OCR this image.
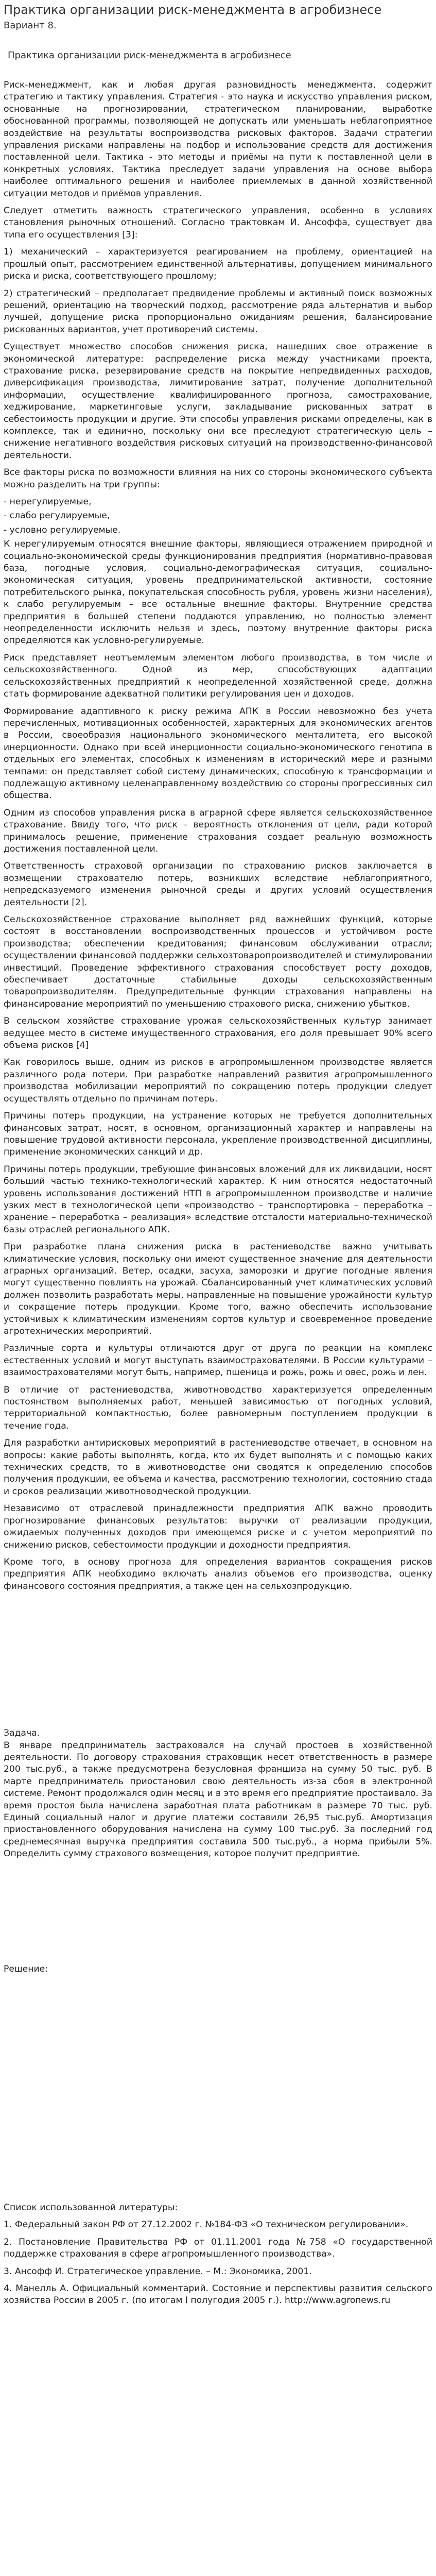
Практика организации риск-менеджмента в агробизнесе
Вариант 8.
Практика организации риск-менеджмента в агробизнесе

Риск-менеджмент, как и любая другая разновидность менеджмента, содержит стратегию и тактику управления. Стратегия - это наука и искусство управления риском, основанные на прогнозировании, стратегическом планировании, выработке обоснованной программы, позволяющей не допускать или уменьшать неблагоприятное воздействие на результаты воспроизводства рисковых факторов. Задачи стратегии управления рисками направлены на подбор и использование средств для достижения поставленной цели. Тактика - это методы и приёмы на пути к поставленной цели в конкретных условиях. Тактика преследует задачи управления на основе выбора наиболее оптимального решения и наиболее приемлемых в данной хозяйственной ситуации методов и приёмов управления.

Следует отметить важность стратегического управления, особенно в условиях становления рыночных отношений. Согласно трактовкам И. Ансоффа, существует два типа его осуществления [3]:

1) механический – характеризуется реагированием на проблему, ориентацией на прошлый опыт, рассмотрением единственной альтернативы, допущением минимального риска и риска, соответствующего прошлому;

2) стратегический – предполагает предвидение проблемы и активный поиск возможных решений, ориентацию на творческий подход, рассмотрение ряда альтернатив и выбор лучшей, допущение риска пропорционально ожиданиям решения, балансирование рискованных вариантов, учет противоречий системы.

Существует множество способов снижения риска, нашедших свое отражение в экономической литературе: распределение риска между участниками проекта, страхование риска, резервирование средств на покрытие непредвиденных расходов, диверсификация производства, лимитирование затрат, получение дополнительной информации, осуществление квалифицированного прогноза, самострахование, хеджирование, маркетинговые услуги, закладывание рискованных затрат в себестоимость продукции и другие. Эти способы управления рисками определены, как в комплексе, так и единично, поскольку они все преследуют стратегическую цель – снижение негативного воздействия рисковых ситуаций на производственно-финансовой деятельности.

Все факторы риска по возможности влияния на них со стороны экономического субъекта можно разделить на три группы:

- нерегулируемые,

- слабо регулируемые,

- условно регулируемые.

К нерегулируемым относятся внешние факторы, являющиеся отражением природной и социально-экономической среды функционирования предприятия (нормативно-правовая база, погодные условия, социально-демографическая ситуация, социально-экономическая ситуация, уровень предпринимательской активности, состояние потребительского рынка, покупательская способность рубля, уровень жизни населения), к слабо регулируемым – все остальные внешние факторы. Внутренние средства предприятия в большей степени поддаются управлению, но полностью элемент неопределенности исключить нельзя и здесь, поэтому внутренние факторы риска определяются как условно-регулируемые.

Риск представляет неотъемлемым элементом любого производства, в том числе и сельскохозяйственного. Одной из мер, способствующих адаптации сельскохозяйственных предприятий к неопределенной хозяйственной среде, должна стать формирование адекватной политики регулирования цен и доходов.

Формирование адаптивного к риску режима АПК в России невозможно без учета перечисленных, мотивационных особенностей, характерных для экономических агентов в России, своеобразия национального экономического менталитета, его высокой инерционности. Однако при всей инерционности социально-экономического генотипа в отдельных его элементах, способных к изменениям в исторический мере и разными темпами: он представляет собой систему динамических, способную к трансформации и подлежащую активному целенаправленному воздействию со стороны прогрессивных сил общества.

Одним из способов управления риска в аграрной сфере является сельскохозяйственное страхование. Ввиду того, что риск – вероятность отклонения от цели, ради которой принималось решение, применение страхования создает реальную возможность достижения поставленной цели.

Ответственность страховой организации по страхованию рисков заключается в возмещении страхователю потерь, возникших вследствие неблагоприятного, непредсказуемого изменения рыночной среды и других условий осуществления деятельности [2].

Сельскохозяйственное страхование выполняет ряд важнейших функций, которые состоят в восстановлении воспроизводственных процессов и устойчивом росте производства; обеспечении кредитования; финансовом обслуживании отрасли; осуществлении финансовой поддержки сельхозтоваропроизводителей и стимулировании инвестиций. Проведение эффективного страхования способствует росту доходов, обеспечивает достаточные стабильные доходы сельскохозяйственным товаропроизводителям. Предупредительные функции страхования направлены на финансирование мероприятий по уменьшению страхового риска, снижению убытков.

В сельском хозяйстве страхование урожая сельскохозяйственных культур занимает ведущее место в системе имущественного страхования, его доля превышает 90% всего объема рисков [4]

Как говорилось выше, одним из рисков в агропромышленном производстве является различного рода потери. При разработке направлений развития агропромышленного производства мобилизации мероприятий по сокращению потерь продукции следует осуществлять отдельно по причинам потерь.

Причины потерь продукции, на устранение которых не требуется дополнительных финансовых затрат, носят, в основном, организационный характер и направлены на повышение трудовой активности персонала, укрепление производственной дисциплины, применение экономических санкций и др.

Причины потерь продукции, требующие финансовых вложений для их ликвидации, носят больший частью технико-технологический характер. К ним относятся недостаточный уровень использования достижений НТП в агропромышленном производстве и наличие узких мест в технологической цепи «производство – транспортировка – переработка – хранение – переработка – реализация» вследствие отсталости материально-технической базы отраслей регионального АПК.

При разработке плана снижения риска в растениеводстве важно учитывать климатические условия, поскольку они имеют существенное значение для деятельности аграрных организаций. Ветер, осадки, засуха, заморозки и другие погодные явления могут существенно повлиять на урожай. Сбалансированный учет климатических условий должен позволить разработать меры, направленные на повышение урожайности культур и сокращение потерь продукции. Кроме того, важно обеспечить использование устойчивых к климатическим изменениям сортов культур и своевременное проведение агротехнических мероприятий.

Различные сорта и культуры отличаются друг от друга по реакции на комплекс естественных условий и могут выступать взаимострахователями. В России культурами – взаимострахователями могут быть, например, пшеница и рожь, рожь и овес, рожь и лен.

В отличие от растениеводства, животноводство характеризуется определенным постоянством выполняемых работ, меньшей зависимостью от погодных условий, территориальной компактностью, более равномерным поступлением продукции в течение года.

Для разработки антирисковых мероприятий в растениеводстве отвечает, в основном на вопросы: какие работы выполнять, когда, кто их будет выполнять и с помощью каких технических средств, то в животноводстве они сводятся к определению способов получения продукции, ее объема и качества, рассмотрению технологии, состоянию стада и сроков реализации животноводческой продукции.

Независимо от отраслевой принадлежности предприятия АПК важно проводить прогнозирование финансовых результатов: выручки от реализации продукции, ожидаемых полученных доходов при имеющемся риске и с учетом мероприятий по снижению рисков, себестоимости продукции и доходности предприятия.

Кроме того, в основу прогноза для определения вариантов сокращения рисков предприятия АПК необходимо включать анализ объемов его производства, оценку финансового состояния предприятия, а также цен на сельхозпродукцию.

Задача.

В январе предприниматель застраховался на случай простоев в хозяйственной деятельности. По договору страхования страховщик несет ответственность в размере 200 тыс.руб., а также предусмотрена безусловная франшиза на сумму 50 тыс. руб. В марте предприниматель приостановил свою деятельность из-за сбоя в электронной системе. Ремонт продолжался один месяц и в это время его предприятие простаивало. За время простоя была начислена заработная плата работникам в размере 70 тыс. руб. Единый социальный налог и другие платежи составили 26,95 тыс.руб. Амортизация приостановленного оборудования начислена на сумму 100 тыс.руб. За последний год среднемесячная выручка предприятия составила 500 тыс.руб., а норма прибыли 5%. Определить сумму страхового возмещения, которое получит предприятие.

Решение:

Список использованной литературы:

1. Федеральный закон РФ от 27.12.2002 г. №184-ФЗ «О техническом регулировании».

2. Постановление Правительства РФ от 01.11.2001 года №758 «О государственной поддержке страхования в сфере агропромышленного производства».

3. Ансофф И. Стратегическое управление. – М.: Экономика, 2001.

4. Манелль А. Официальный комментарий. Состояние и перспективы развития сельского хозяйства России в 2005 г. (по итогам I полугодия 2005 г.). http://www.agronews.ru
